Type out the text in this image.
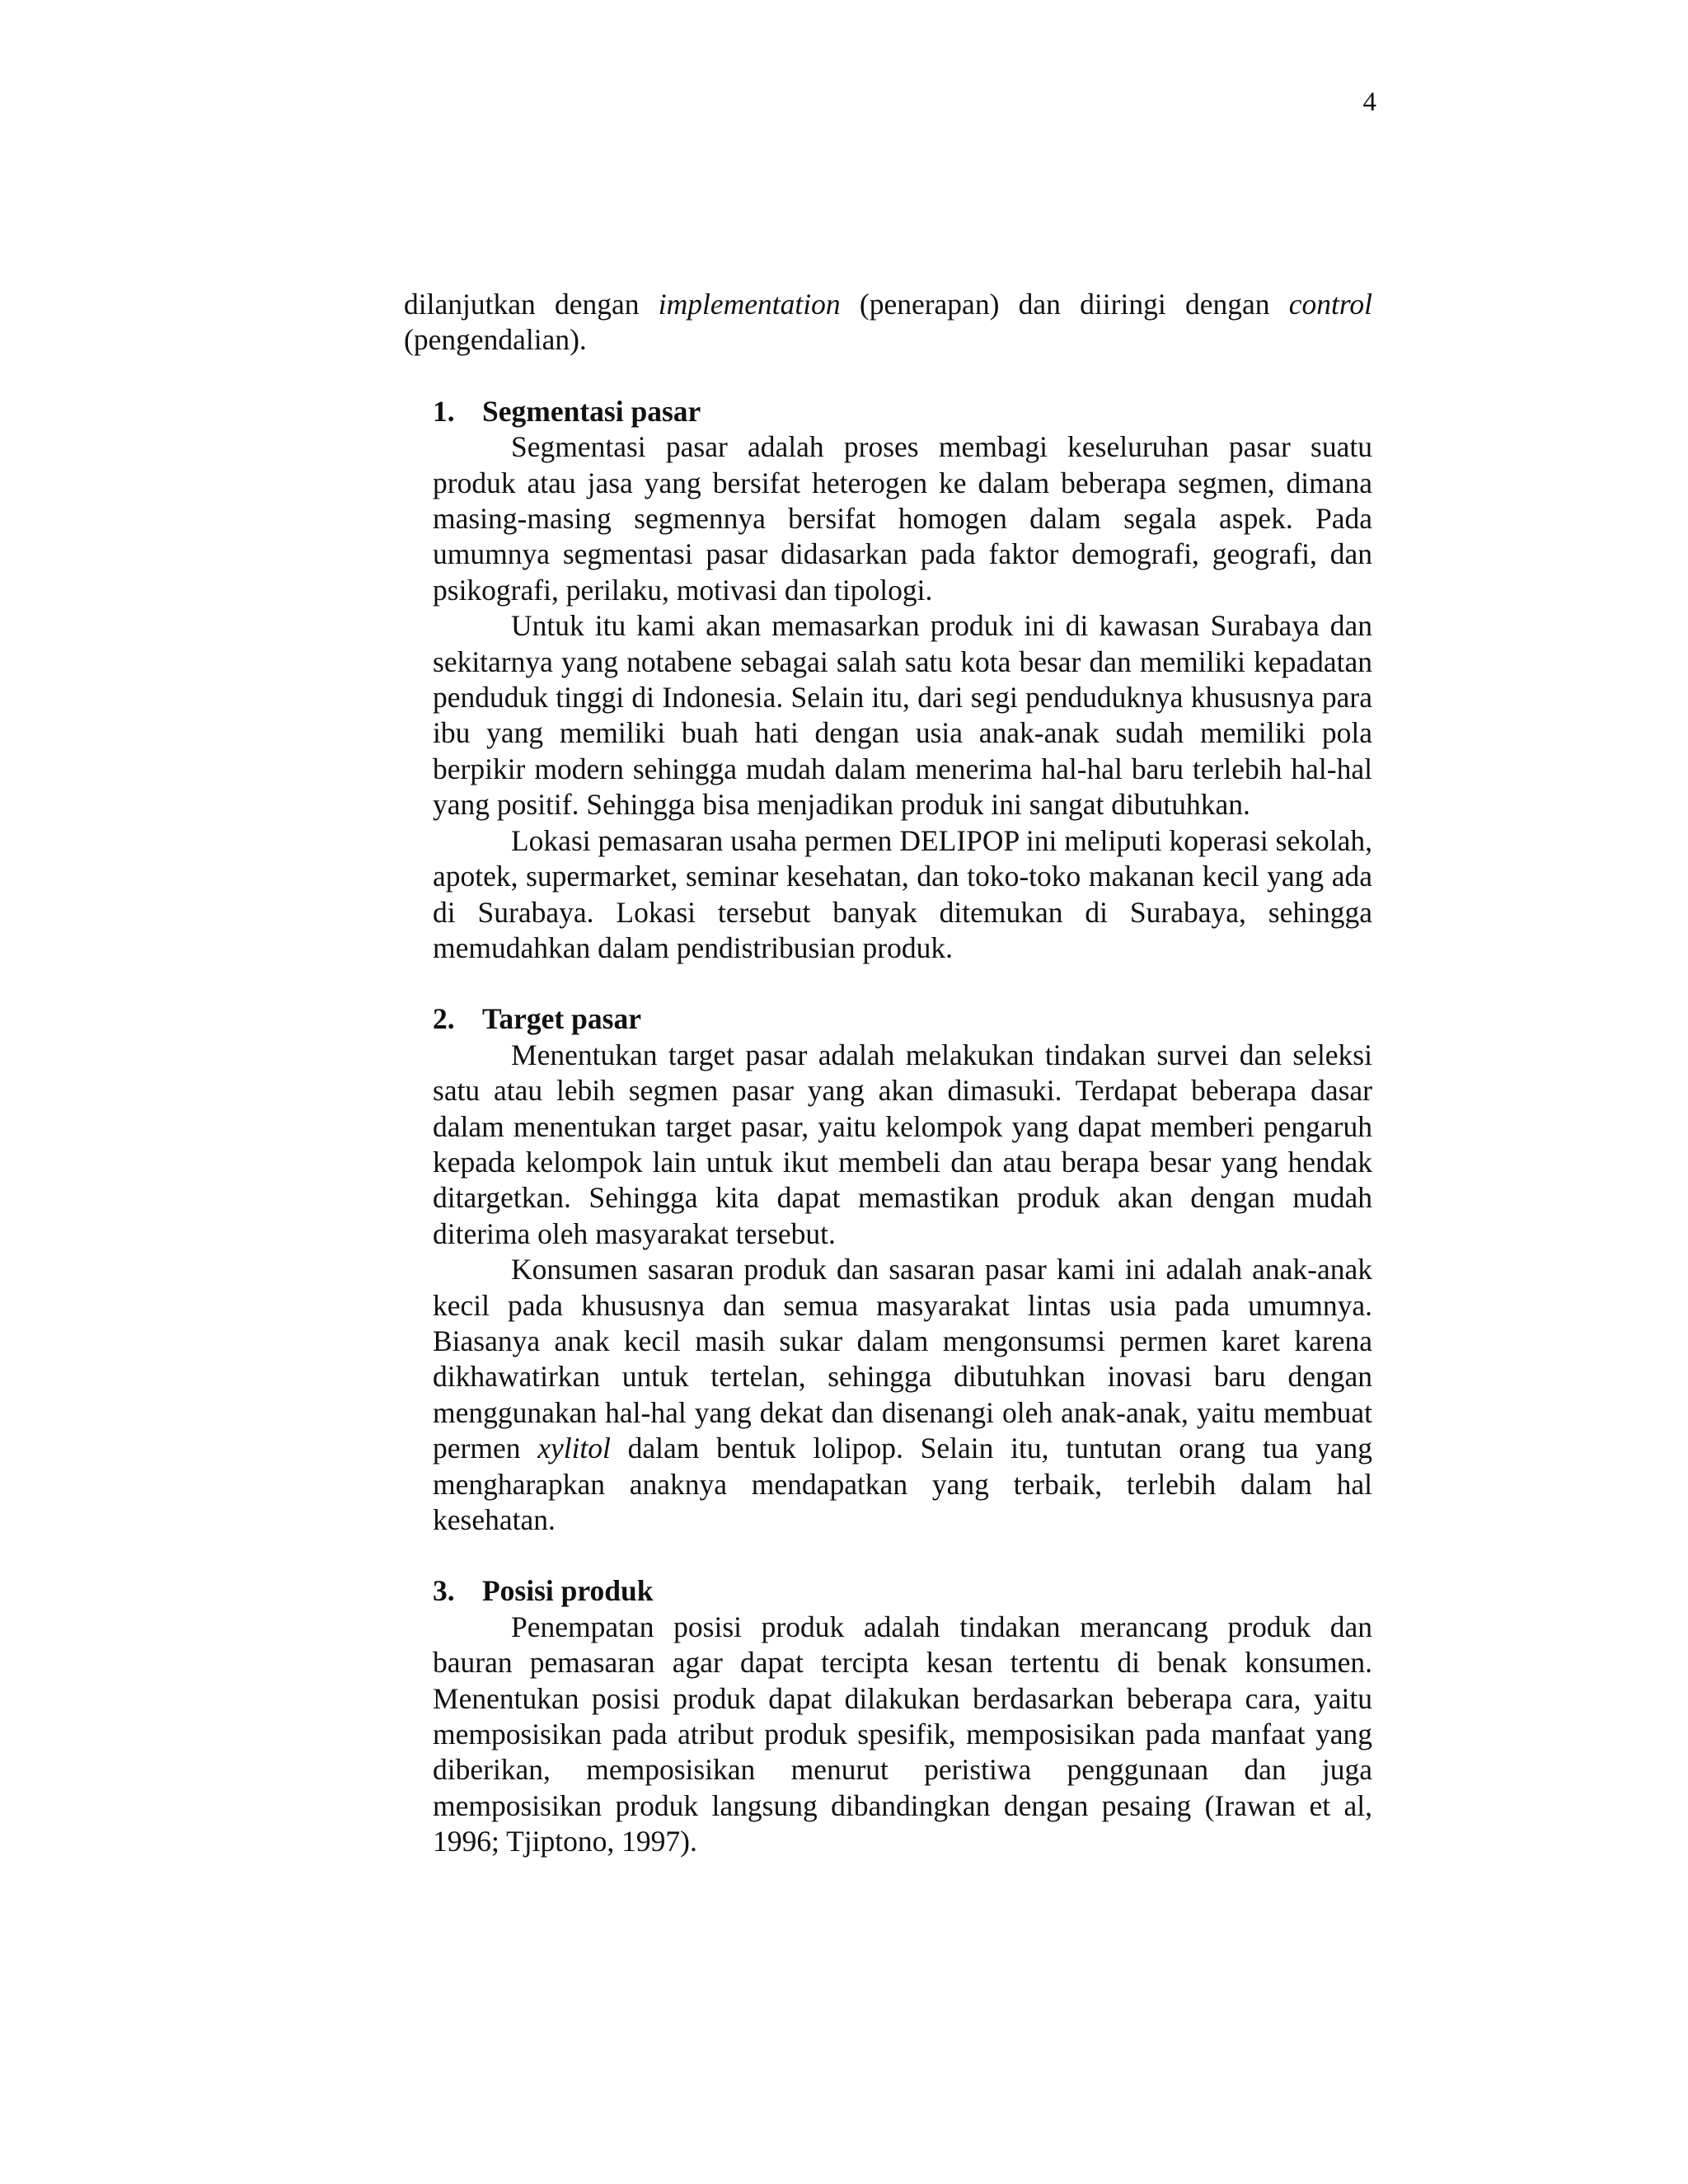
4

dilanjutkan dengan implementation (penerapan) dan diiringi dengan control (pengendalian).

1. Segmentasi pasar

Segmentasi pasar adalah proses membagi keseluruhan pasar suatu produk atau jasa yang bersifat heterogen ke dalam beberapa segmen, dimana masing-masing segmennya bersifat homogen dalam segala aspek. Pada umumnya segmentasi pasar didasarkan pada faktor demografi, geografi, dan psikografi, perilaku, motivasi dan tipologi.

Untuk itu kami akan memasarkan produk ini di kawasan Surabaya dan sekitarnya yang notabene sebagai salah satu kota besar dan memiliki kepadatan penduduk tinggi di Indonesia. Selain itu, dari segi penduduknya khususnya para ibu yang memiliki buah hati dengan usia anak-anak sudah memiliki pola berpikir modern sehingga mudah dalam menerima hal-hal baru terlebih hal-hal yang positif. Sehingga bisa menjadikan produk ini sangat dibutuhkan.

Lokasi pemasaran usaha permen DELIPOP ini meliputi koperasi sekolah, apotek, supermarket, seminar kesehatan, dan toko-toko makanan kecil yang ada di Surabaya. Lokasi tersebut banyak ditemukan di Surabaya, sehingga memudahkan dalam pendistribusian produk.

2. Target pasar

Menentukan target pasar adalah melakukan tindakan survei dan seleksi satu atau lebih segmen pasar yang akan dimasuki. Terdapat beberapa dasar dalam menentukan target pasar, yaitu kelompok yang dapat memberi pengaruh kepada kelompok lain untuk ikut membeli dan atau berapa besar yang hendak ditargetkan. Sehingga kita dapat memastikan produk akan dengan mudah diterima oleh masyarakat tersebut.

Konsumen sasaran produk dan sasaran pasar kami ini adalah anak-anak kecil pada khususnya dan semua masyarakat lintas usia pada umumnya. Biasanya anak kecil masih sukar dalam mengonsumsi permen karet karena dikhawatirkan untuk tertelan, sehingga dibutuhkan inovasi baru dengan menggunakan hal-hal yang dekat dan disenangi oleh anak-anak, yaitu membuat permen xylitol dalam bentuk lolipop. Selain itu, tuntutan orang tua yang mengharapkan anaknya mendapatkan yang terbaik, terlebih dalam hal kesehatan.

3. Posisi produk

Penempatan posisi produk adalah tindakan merancang produk dan bauran pemasaran agar dapat tercipta kesan tertentu di benak konsumen. Menentukan posisi produk dapat dilakukan berdasarkan beberapa cara, yaitu memposisikan pada atribut produk spesifik, memposisikan pada manfaat yang diberikan, memposisikan menurut peristiwa penggunaan dan juga memposisikan produk langsung dibandingkan dengan pesaing (Irawan et al, 1996; Tjiptono, 1997).
